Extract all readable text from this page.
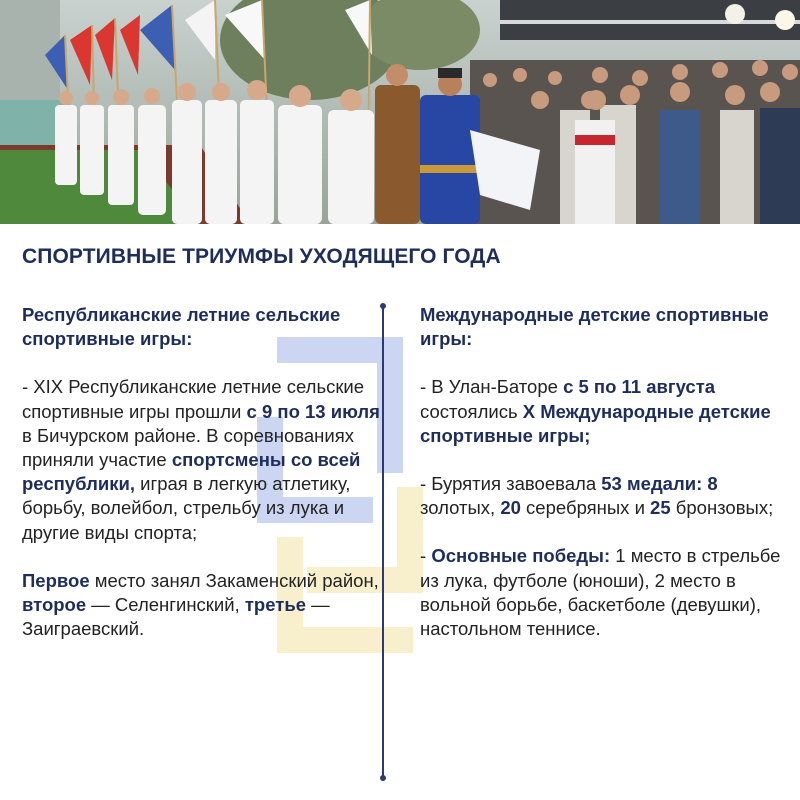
СПОРТИВНЫЕ ТРИУМФЫ УХОДЯЩЕГО ГОДА

Республиканские летние сельские спортивные игры:

- XIX Республиканские летние сельские спортивные игры прошли с 9 по 13 июля в Бичурском районе. В соревнованиях приняли участие спортсмены со всей республики, играя в легкую атлетику, борьбу, волейбол, стрельбу из лука и другие виды спорта;

Первое место занял Закаменский район, второе — Селенгинский, третье — Заиграевский.

Международные детские спортивные игры:

- В Улан-Баторе с 5 по 11 августа состоялись X Международные детские спортивные игры;

- Бурятия завоевала 53 медали: 8 золотых, 20 серебряных и 25 бронзовых;

- Основные победы: 1 место в стрельбе из лука, футболе (юноши), 2 место в вольной борьбе, баскетболе (девушки), настольном теннисе.
